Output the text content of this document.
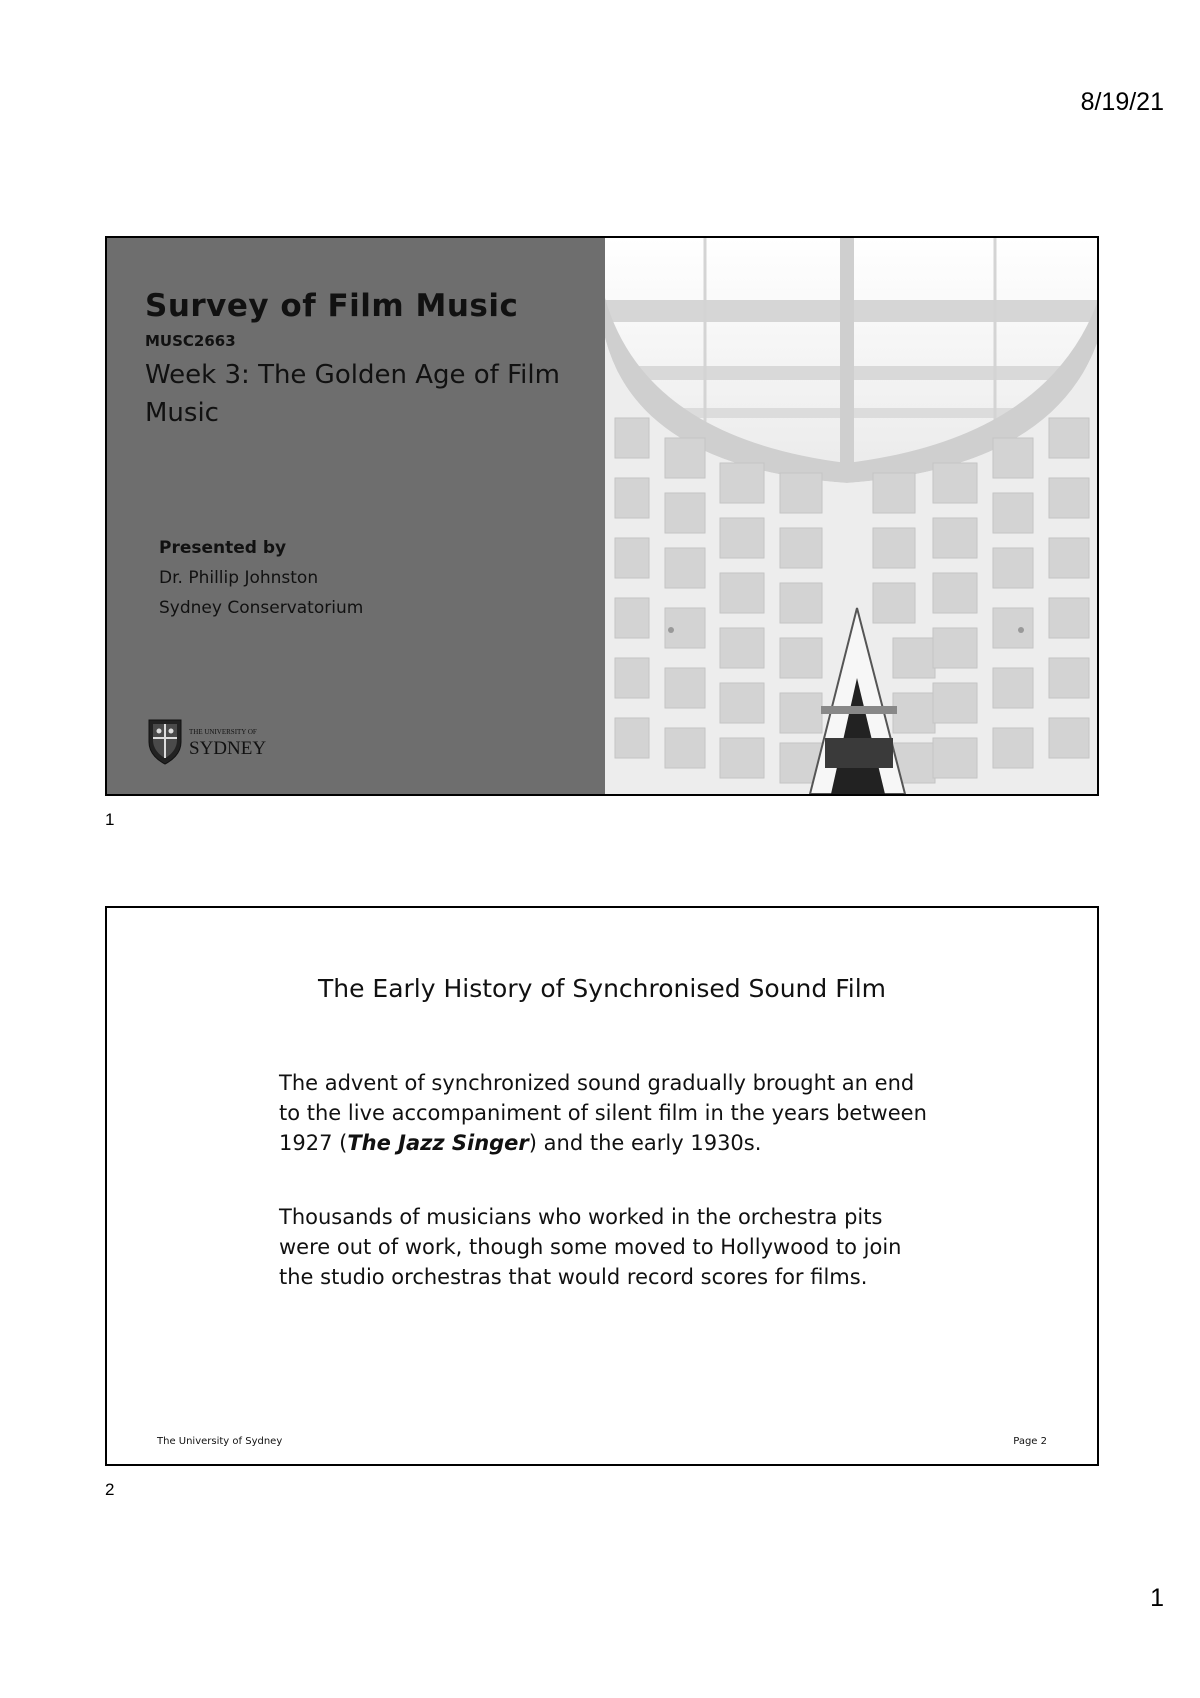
8/19/21
Survey of Film Music
MUSC2663
Week 3: The Golden Age of Film Music
Presented by
Dr. Phillip Johnston
Sydney Conservatorium
THE UNIVERSITY OF
SYDNEY
1
The Early History of Synchronised Sound Film
The advent of synchronized sound gradually brought an end to the live accompaniment of silent film in the years between 1927 (The Jazz Singer) and the early 1930s.
Thousands of musicians who worked in the orchestra pits were out of work, though some moved to Hollywood to join the studio orchestras that would record scores for films.
The University of Sydney	Page 2
2
1
